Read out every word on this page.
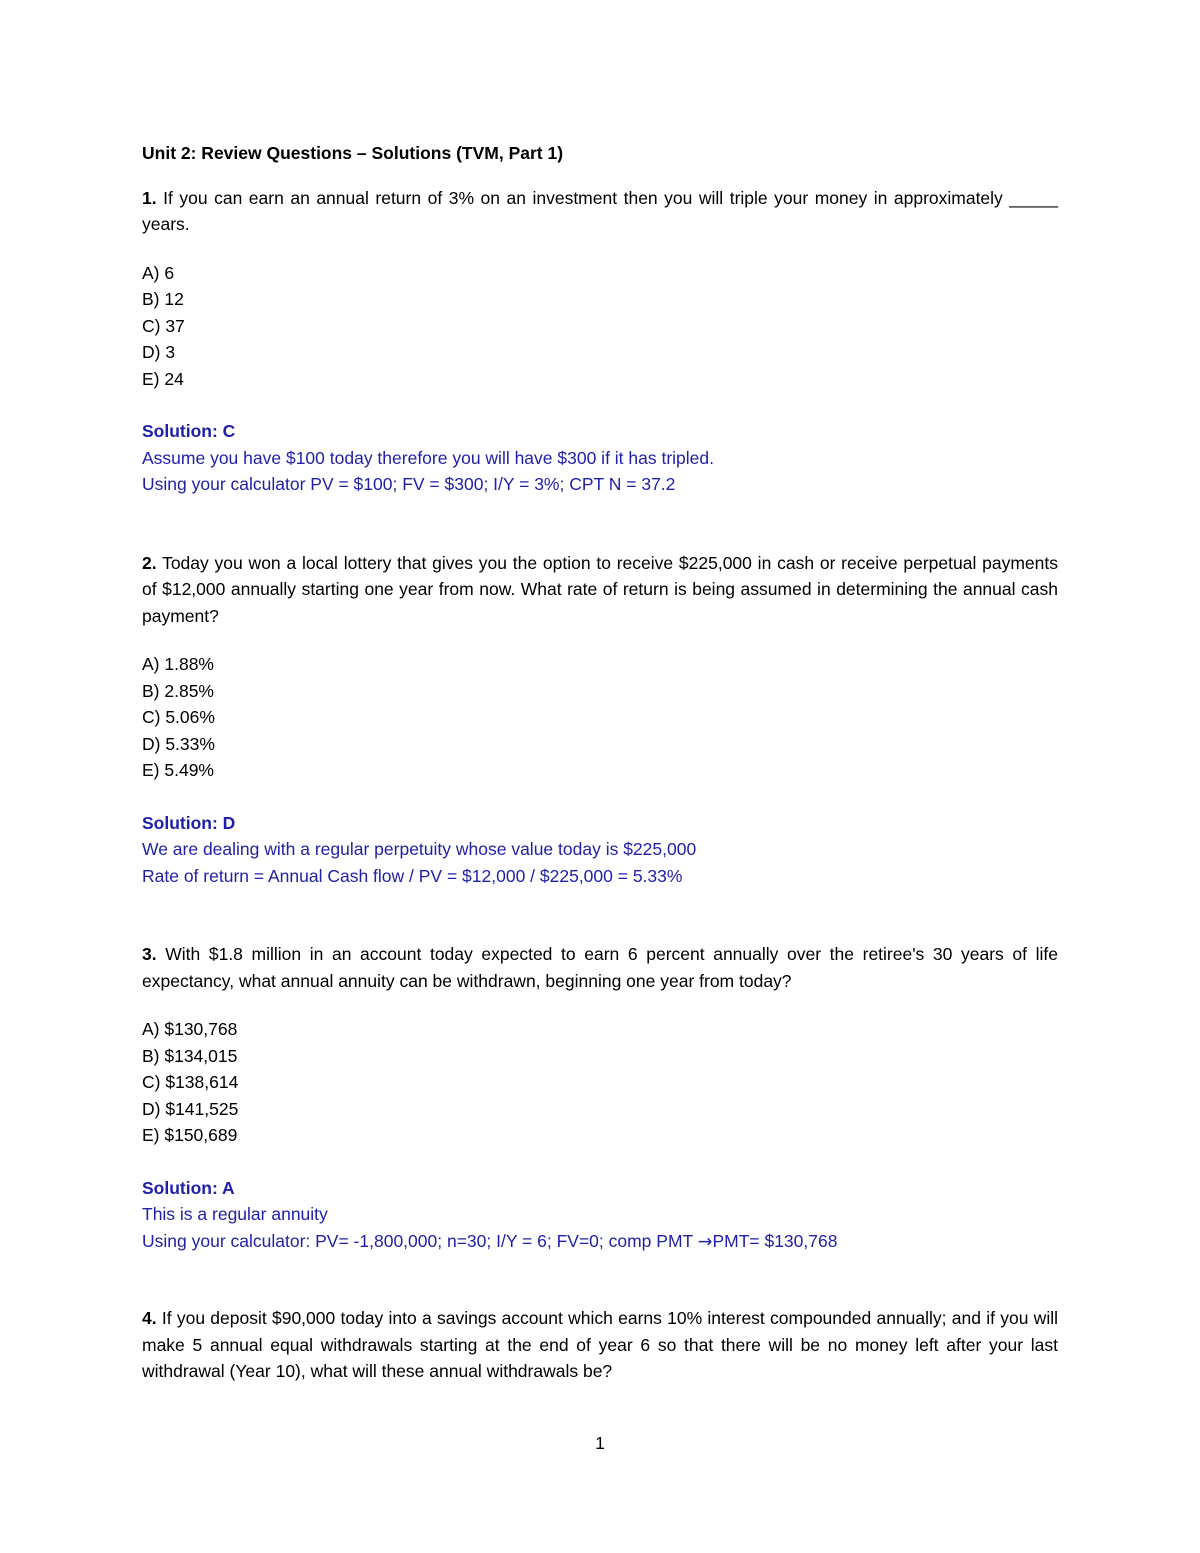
Unit 2: Review Questions – Solutions (TVM, Part 1)

1. If you can earn an annual return of 3% on an investment then you will triple your money in approximately _____ years.

A) 6
B) 12
C) 37
D) 3
E) 24

Solution: C

Assume you have $100 today therefore you will have $300 if it has tripled.

Using your calculator PV = $100; FV = $300; I/Y = 3%; CPT N = 37.2

2. Today you won a local lottery that gives you the option to receive $225,000 in cash or receive perpetual payments of $12,000 annually starting one year from now. What rate of return is being assumed in determining the annual cash payment?

A) 1.88%
B) 2.85%
C) 5.06%
D) 5.33%
E) 5.49%

Solution: D

We are dealing with a regular perpetuity whose value today is $225,000

Rate of return = Annual Cash flow / PV = $12,000 / $225,000 = 5.33%

3. With $1.8 million in an account today expected to earn 6 percent annually over the retiree's 30 years of life expectancy, what annual annuity can be withdrawn, beginning one year from today?

A) $130,768
B) $134,015
C) $138,614
D) $141,525
E) $150,689

Solution: A

This is a regular annuity

Using your calculator: PV= -1,800,000; n=30; I/Y = 6; FV=0; comp PMT →PMT= $130,768

4. If you deposit $90,000 today into a savings account which earns 10% interest compounded annually; and if you will make 5 annual equal withdrawals starting at the end of year 6 so that there will be no money left after your last withdrawal (Year 10), what will these annual withdrawals be?

1
